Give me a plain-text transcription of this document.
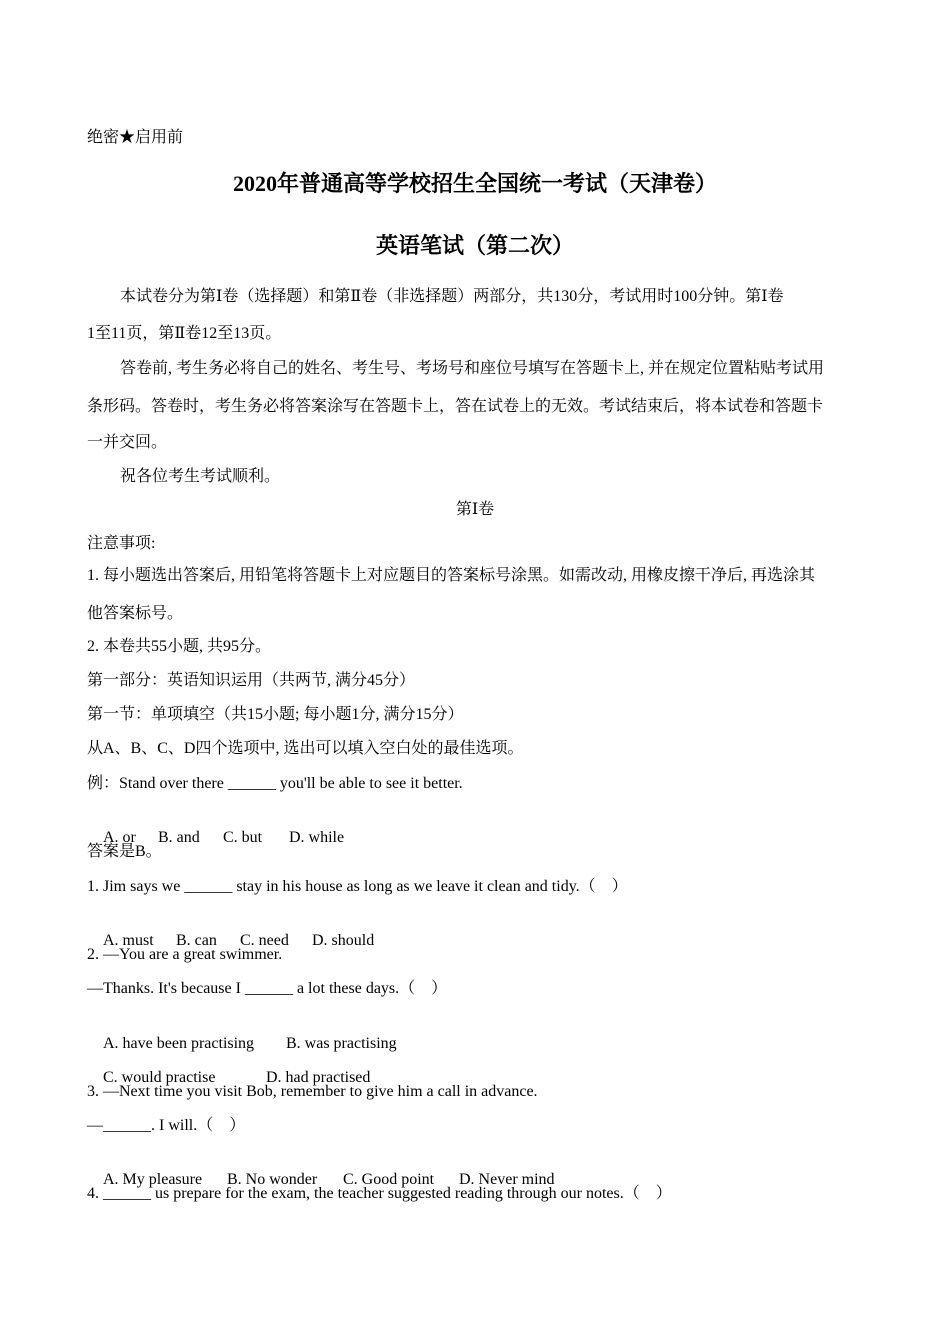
绝密★启用前
2020年普通高等学校招生全国统一考试（天津卷）
英语笔试（第二次）
本试卷分为第Ⅰ卷（选择题）和第Ⅱ卷（非选择题）两部分，共130分，考试用时100分钟。第Ⅰ卷
1至11页，第Ⅱ卷12至13页。
答卷前, 考生务必将自己的姓名、考生号、考场号和座位号填写在答题卡上, 并在规定位置粘贴考试用
条形码。答卷时，考生务必将答案涂写在答题卡上，答在试卷上的无效。考试结束后，将本试卷和答题卡
一并交回。
祝各位考生考试顺利。
第Ⅰ卷
注意事项:
1. 每小题选出答案后, 用铅笔将答题卡上对应题目的答案标号涂黑。如需改动, 用橡皮擦干净后, 再选涂其
他答案标号。
2. 本卷共55小题, 共95分。
第一部分：英语知识运用（共两节, 满分45分）
第一节：单项填空（共15小题; 每小题1分, 满分15分）
从A、B、C、D四个选项中, 选出可以填入空白处的最佳选项。
例：Stand over there ______ you'll be able to see it better.

A. or B. and C. but D. while

答案是B。
1. Jim says we ______ stay in his house as long as we leave it clean and tidy.（　）

A. must B. can C. need D. should

2. —You are a great swimmer.
—Thanks. It's because I ______ a lot these days.（　）

A. have been practising B. was practising

C. would practise	D. had practised

3. —Next time you visit Bob, remember to give him a call in advance.
—______. I will.（　）

A. My pleasure B. No wonder C. Good point D. Never mind

4. ______ us prepare for the exam, the teacher suggested reading through our notes.（　）
